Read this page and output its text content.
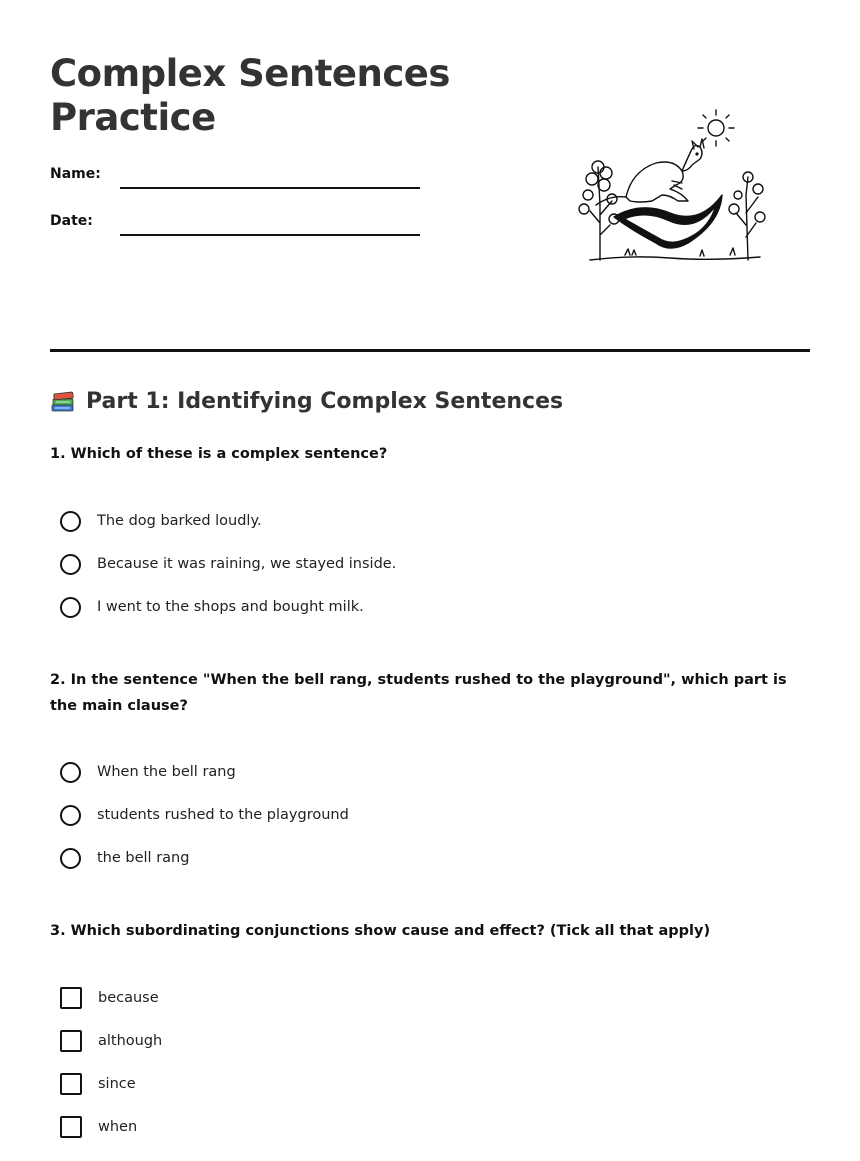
Complex Sentences Practice
Name:
Date:
Part 1: Identifying Complex Sentences

1. Which of these is a complex sentence?

The dog barked loudly.
Because it was raining, we stayed inside.
I went to the shops and bought milk.

2. In the sentence "When the bell rang, students rushed to the playground", which part is the main clause?

When the bell rang
students rushed to the playground
the bell rang

3. Which subordinating conjunctions show cause and effect? (Tick all that apply)

because
although
since
when
